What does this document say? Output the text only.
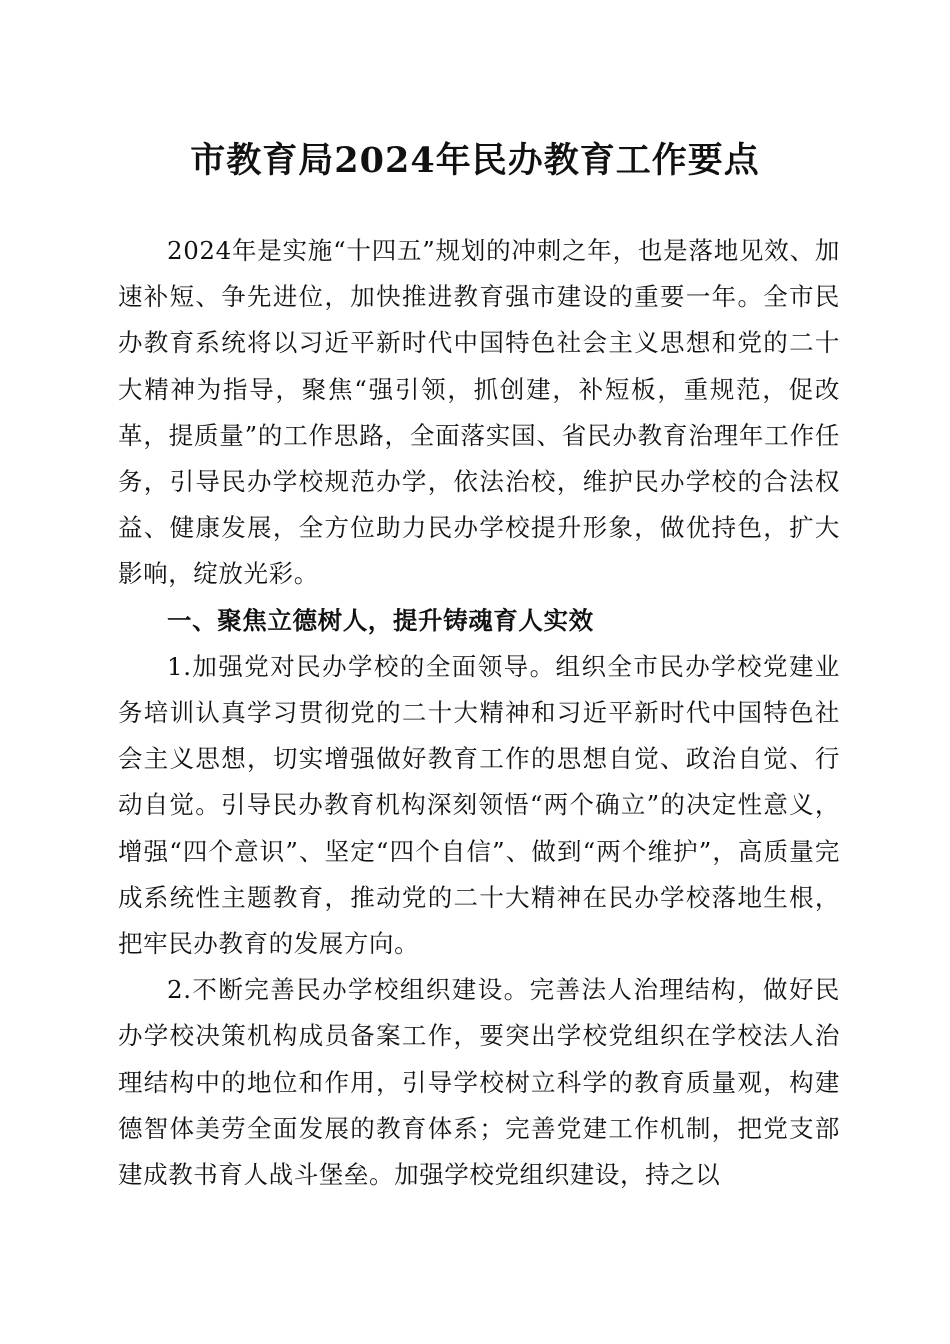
市教育局2024年民办教育工作要点

2024年是实施“十四五”规划的冲刺之年，也是落地见效、加速补短、争先进位，加快推进教育强市建设的重要一年。全市民办教育系统将以习近平新时代中国特色社会主义思想和党的二十大精神为指导，聚焦“强引领，抓创建，补短板，重规范，促改革，提质量”的工作思路，全面落实国、省民办教育治理年工作任务，引导民办学校规范办学，依法治校，维护民办学校的合法权益、健康发展，全方位助力民办学校提升形象，做优持色，扩大影响，绽放光彩。

一、聚焦立德树人，提升铸魂育人实效

1.加强党对民办学校的全面领导。组织全市民办学校党建业务培训认真学习贯彻党的二十大精神和习近平新时代中国特色社会主义思想，切实增强做好教育工作的思想自觉、政治自觉、行动自觉。引导民办教育机构深刻领悟“两个确立”的决定性意义，增强“四个意识”、坚定“四个自信”、做到“两个维护”，高质量完成系统性主题教育，推动党的二十大精神在民办学校落地生根，把牢民办教育的发展方向。

2.不断完善民办学校组织建设。完善法人治理结构，做好民办学校决策机构成员备案工作，要突出学校党组织在学校法人治理结构中的地位和作用，引导学校树立科学的教育质量观，构建德智体美劳全面发展的教育体系；完善党建工作机制，把党支部建成教书育人战斗堡垒。加强学校党组织建设，持之以
